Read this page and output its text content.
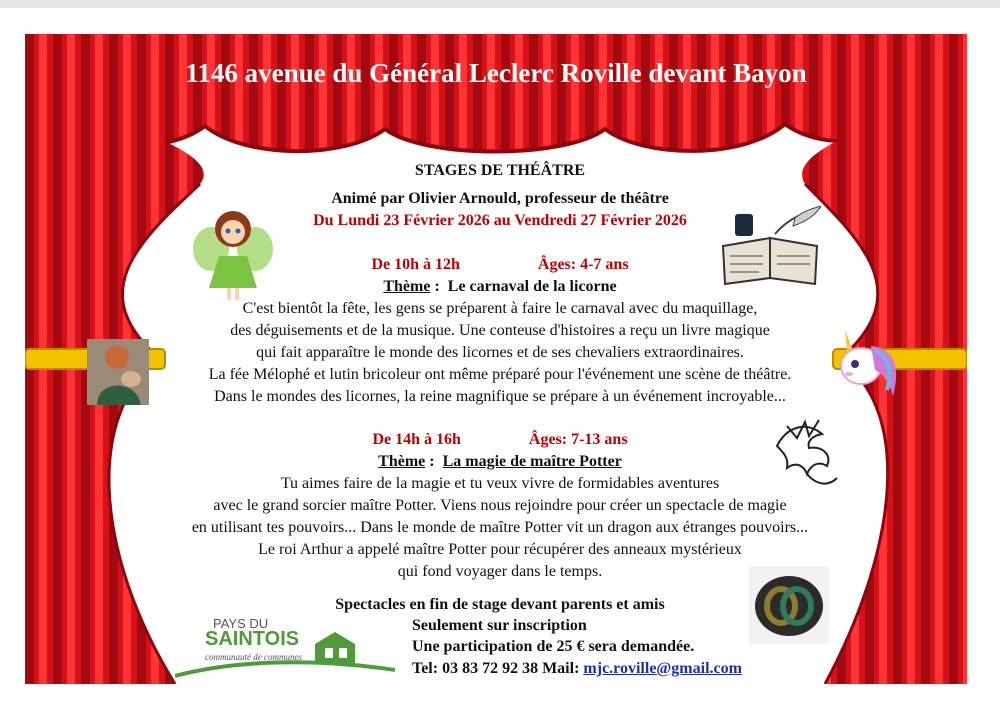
1146 avenue du Général Leclerc Roville devant Bayon
STAGES DE THÉÂTRE
Animé par Olivier Arnould, professeur de théâtre
Du Lundi 23 Février 2026 au Vendredi 27 Février 2026
De 10h à 12h	Âges: 4-7 ans
Thème :  Le carnaval de la licorne
C'est bientôt la fête, les gens se préparent à faire le carnaval avec du maquillage,
des déguisements et de la musique. Une conteuse d'histoires a reçu un livre magique
qui fait apparaître le monde des licornes et de ses chevaliers extraordinaires.
La fée Mélophé et lutin bricoleur ont même préparé pour l'événement une scène de théâtre.
Dans le mondes des licornes, la reine magnifique se prépare à un événement incroyable...
De 14h à 16h	Âges: 7-13 ans
Thème :  La magie de maître Potter
Tu aimes faire de la magie et tu veux vivre de formidables aventures
avec le grand sorcier maître Potter. Viens nous rejoindre pour créer un spectacle de magie
en utilisant tes pouvoirs... Dans le monde de maître Potter vit un dragon aux étranges pouvoirs...
Le roi Arthur a appelé maître Potter pour récupérer des anneaux mystérieux
qui fond voyager dans le temps.
Spectacles en fin de stage devant parents et amis
Seulement sur inscription
Une participation de 25 € sera demandée.
Tel: 03 83 72 92 38 Mail: mjc.roville@gmail.com
PAYS DU
SAINTOIS
communauté de communes
